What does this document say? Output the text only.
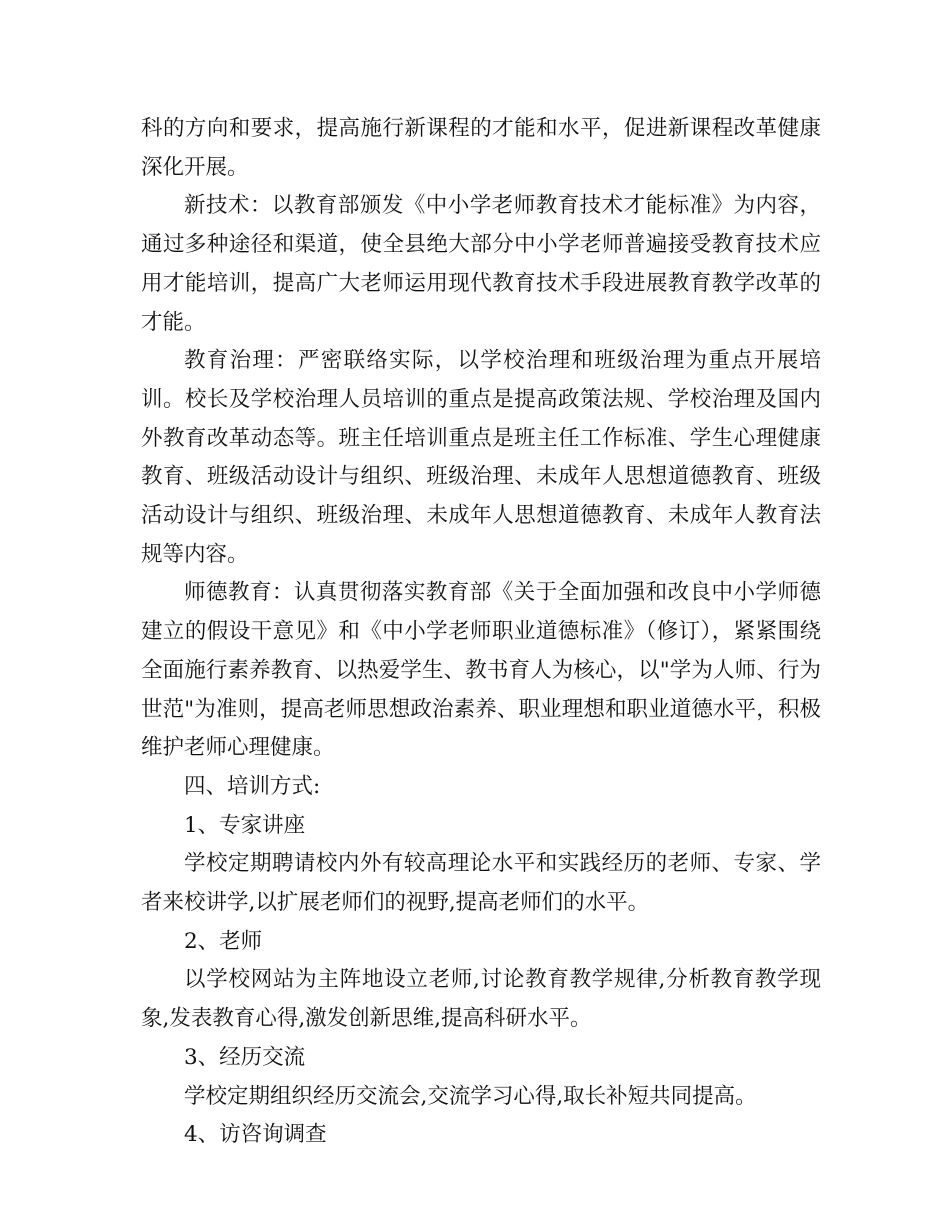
科的方向和要求，提高施行新课程的才能和水平，促进新课程改革健康深化开展。

新技术：以教育部颁发《中小学老师教育技术才能标准》为内容，通过多种途径和渠道，使全县绝大部分中小学老师普遍接受教育技术应用才能培训，提高广大老师运用现代教育技术手段进展教育教学改革的才能。

教育治理：严密联络实际，以学校治理和班级治理为重点开展培训。校长及学校治理人员培训的重点是提高政策法规、学校治理及国内外教育改革动态等。班主任培训重点是班主任工作标准、学生心理健康教育、班级活动设计与组织、班级治理、未成年人思想道德教育、班级活动设计与组织、班级治理、未成年人思想道德教育、未成年人教育法规等内容。

师德教育：认真贯彻落实教育部《关于全面加强和改良中小学师德建立的假设干意见》和《中小学老师职业道德标准》（修订），紧紧围绕全面施行素养教育、以热爱学生、教书育人为核心，以"学为人师、行为世范"为准则，提高老师思想政治素养、职业理想和职业道德水平，积极维护老师心理健康。

四、培训方式:

1、专家讲座

学校定期聘请校内外有较高理论水平和实践经历的老师、专家、学者来校讲学,以扩展老师们的视野,提高老师们的水平。

2、老师

以学校网站为主阵地设立老师,讨论教育教学规律,分析教育教学现象,发表教育心得,激发创新思维,提高科研水平。

3、经历交流

学校定期组织经历交流会,交流学习心得,取长补短共同提高。

4、访咨询调查
